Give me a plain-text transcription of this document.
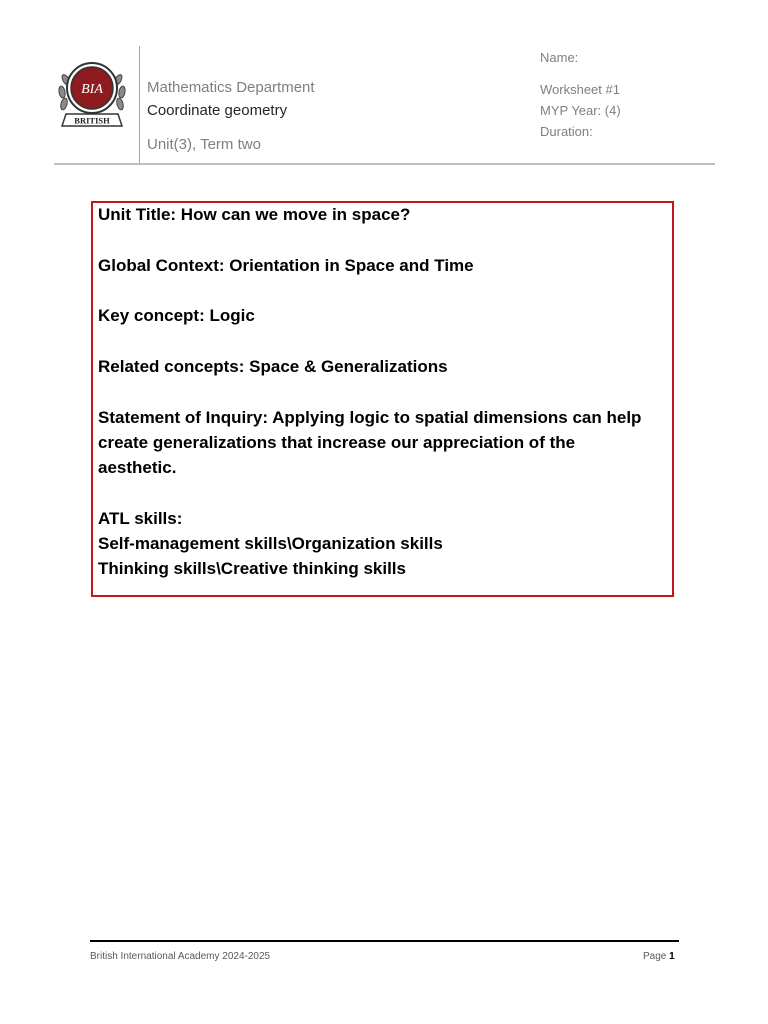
BIA
BRITISH
Mathematics Department
Coordinate geometry
Unit(3), Term two
Name:
Worksheet #1
MYP Year: (4)
Duration:
Unit Title: How can we move in space?
Global Context: Orientation in Space and Time
Key concept: Logic
Related concepts: Space & Generalizations
Statement of Inquiry: Applying logic to spatial dimensions can help
create generalizations that increase our appreciation of the
aesthetic.
ATL skills:
Self-management skills\Organization skills
Thinking skills\Creative thinking skills
British International Academy 2024-2025	Page 1
